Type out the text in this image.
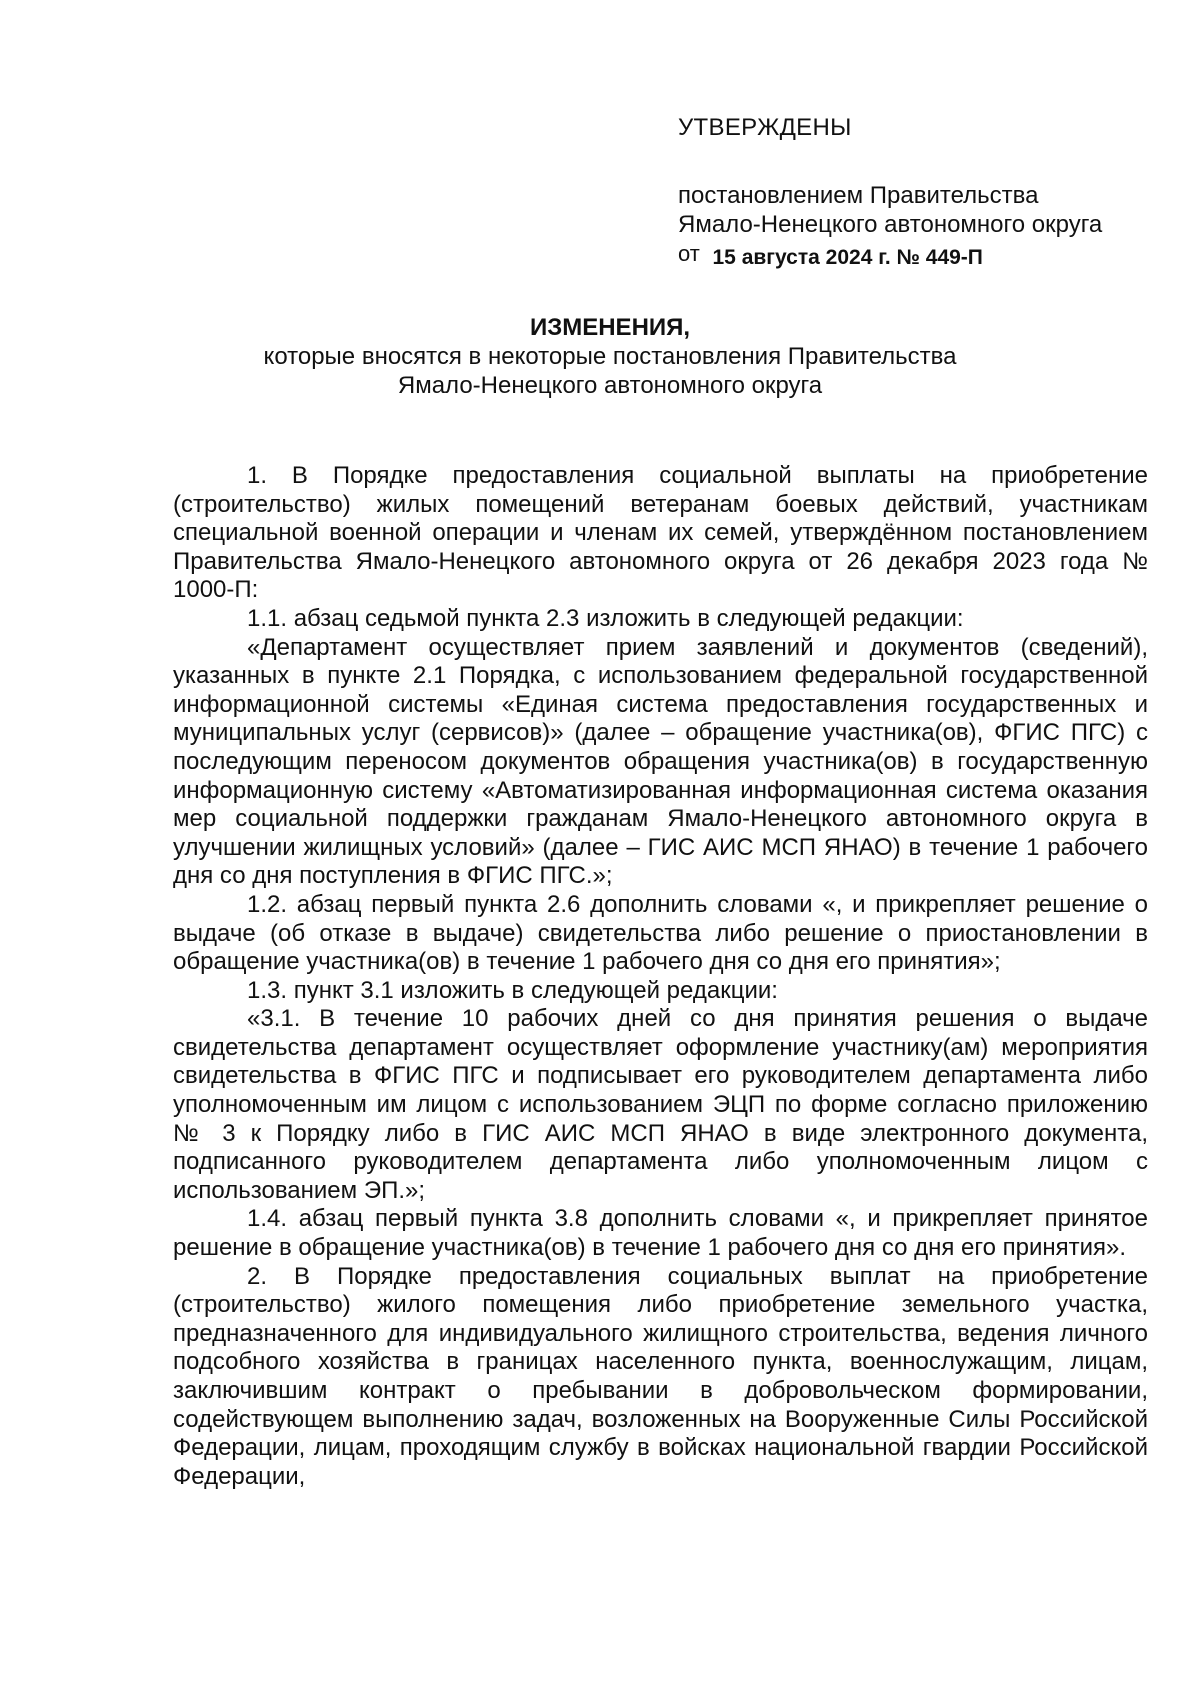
УТВЕРЖДЕНЫ

постановлением Правительства

Ямало-Ненецкого автономного округа

от 15 августа 2024 г. № 449-П

ИЗМЕНЕНИЯ,

которые вносятся в некоторые постановления Правительства

Ямало-Ненецкого автономного округа

1. В Порядке предоставления социальной выплаты на приобретение (строительство) жилых помещений ветеранам боевых действий, участникам специальной военной операции и членам их семей, утверждённом постановлением Правительства Ямало-Ненецкого автономного округа от 26 декабря 2023 года № 1000-П:

1.1. абзац седьмой пункта 2.3 изложить в следующей редакции:

«Департамент осуществляет прием заявлений и документов (сведений), указанных в пункте 2.1 Порядка, с использованием федеральной государственной информационной системы «Единая система предоставления государственных и муниципальных услуг (сервисов)» (далее – обращение участника(ов), ФГИС ПГС) с последующим переносом документов обращения участника(ов) в государственную информационную систему «Автоматизированная информационная система оказания мер социальной поддержки гражданам Ямало-Ненецкого автономного округа в улучшении жилищных условий» (далее – ГИС АИС МСП ЯНАО) в течение 1 рабочего дня со дня поступления в ФГИС ПГС.»;

1.2. абзац первый пункта 2.6 дополнить словами «, и прикрепляет решение о выдаче (об отказе в выдаче) свидетельства либо решение о приостановлении в обращение участника(ов) в течение 1 рабочего дня со дня его принятия»;

1.3. пункт 3.1 изложить в следующей редакции:

«3.1. В течение 10 рабочих дней со дня принятия решения о выдаче свидетельства департамент осуществляет оформление участнику(ам) мероприятия свидетельства в ФГИС ПГС и подписывает его руководителем департамента либо уполномоченным им лицом с использованием ЭЦП по форме согласно приложению № 3 к Порядку либо в ГИС АИС МСП ЯНАО в виде электронного документа, подписанного руководителем департамента либо уполномоченным лицом с использованием ЭП.»;

1.4. абзац первый пункта 3.8 дополнить словами «, и прикрепляет принятое решение в обращение участника(ов) в течение 1 рабочего дня со дня его принятия».

2. В Порядке предоставления социальных выплат на приобретение (строительство) жилого помещения либо приобретение земельного участка, предназначенного для индивидуального жилищного строительства, ведения личного подсобного хозяйства в границах населенного пункта, военнослужащим, лицам, заключившим контракт о пребывании в добровольческом формировании, содействующем выполнению задач, возложенных на Вооруженные Силы Российской Федерации, лицам, проходящим службу в войсках национальной гвардии Российской Федерации,
